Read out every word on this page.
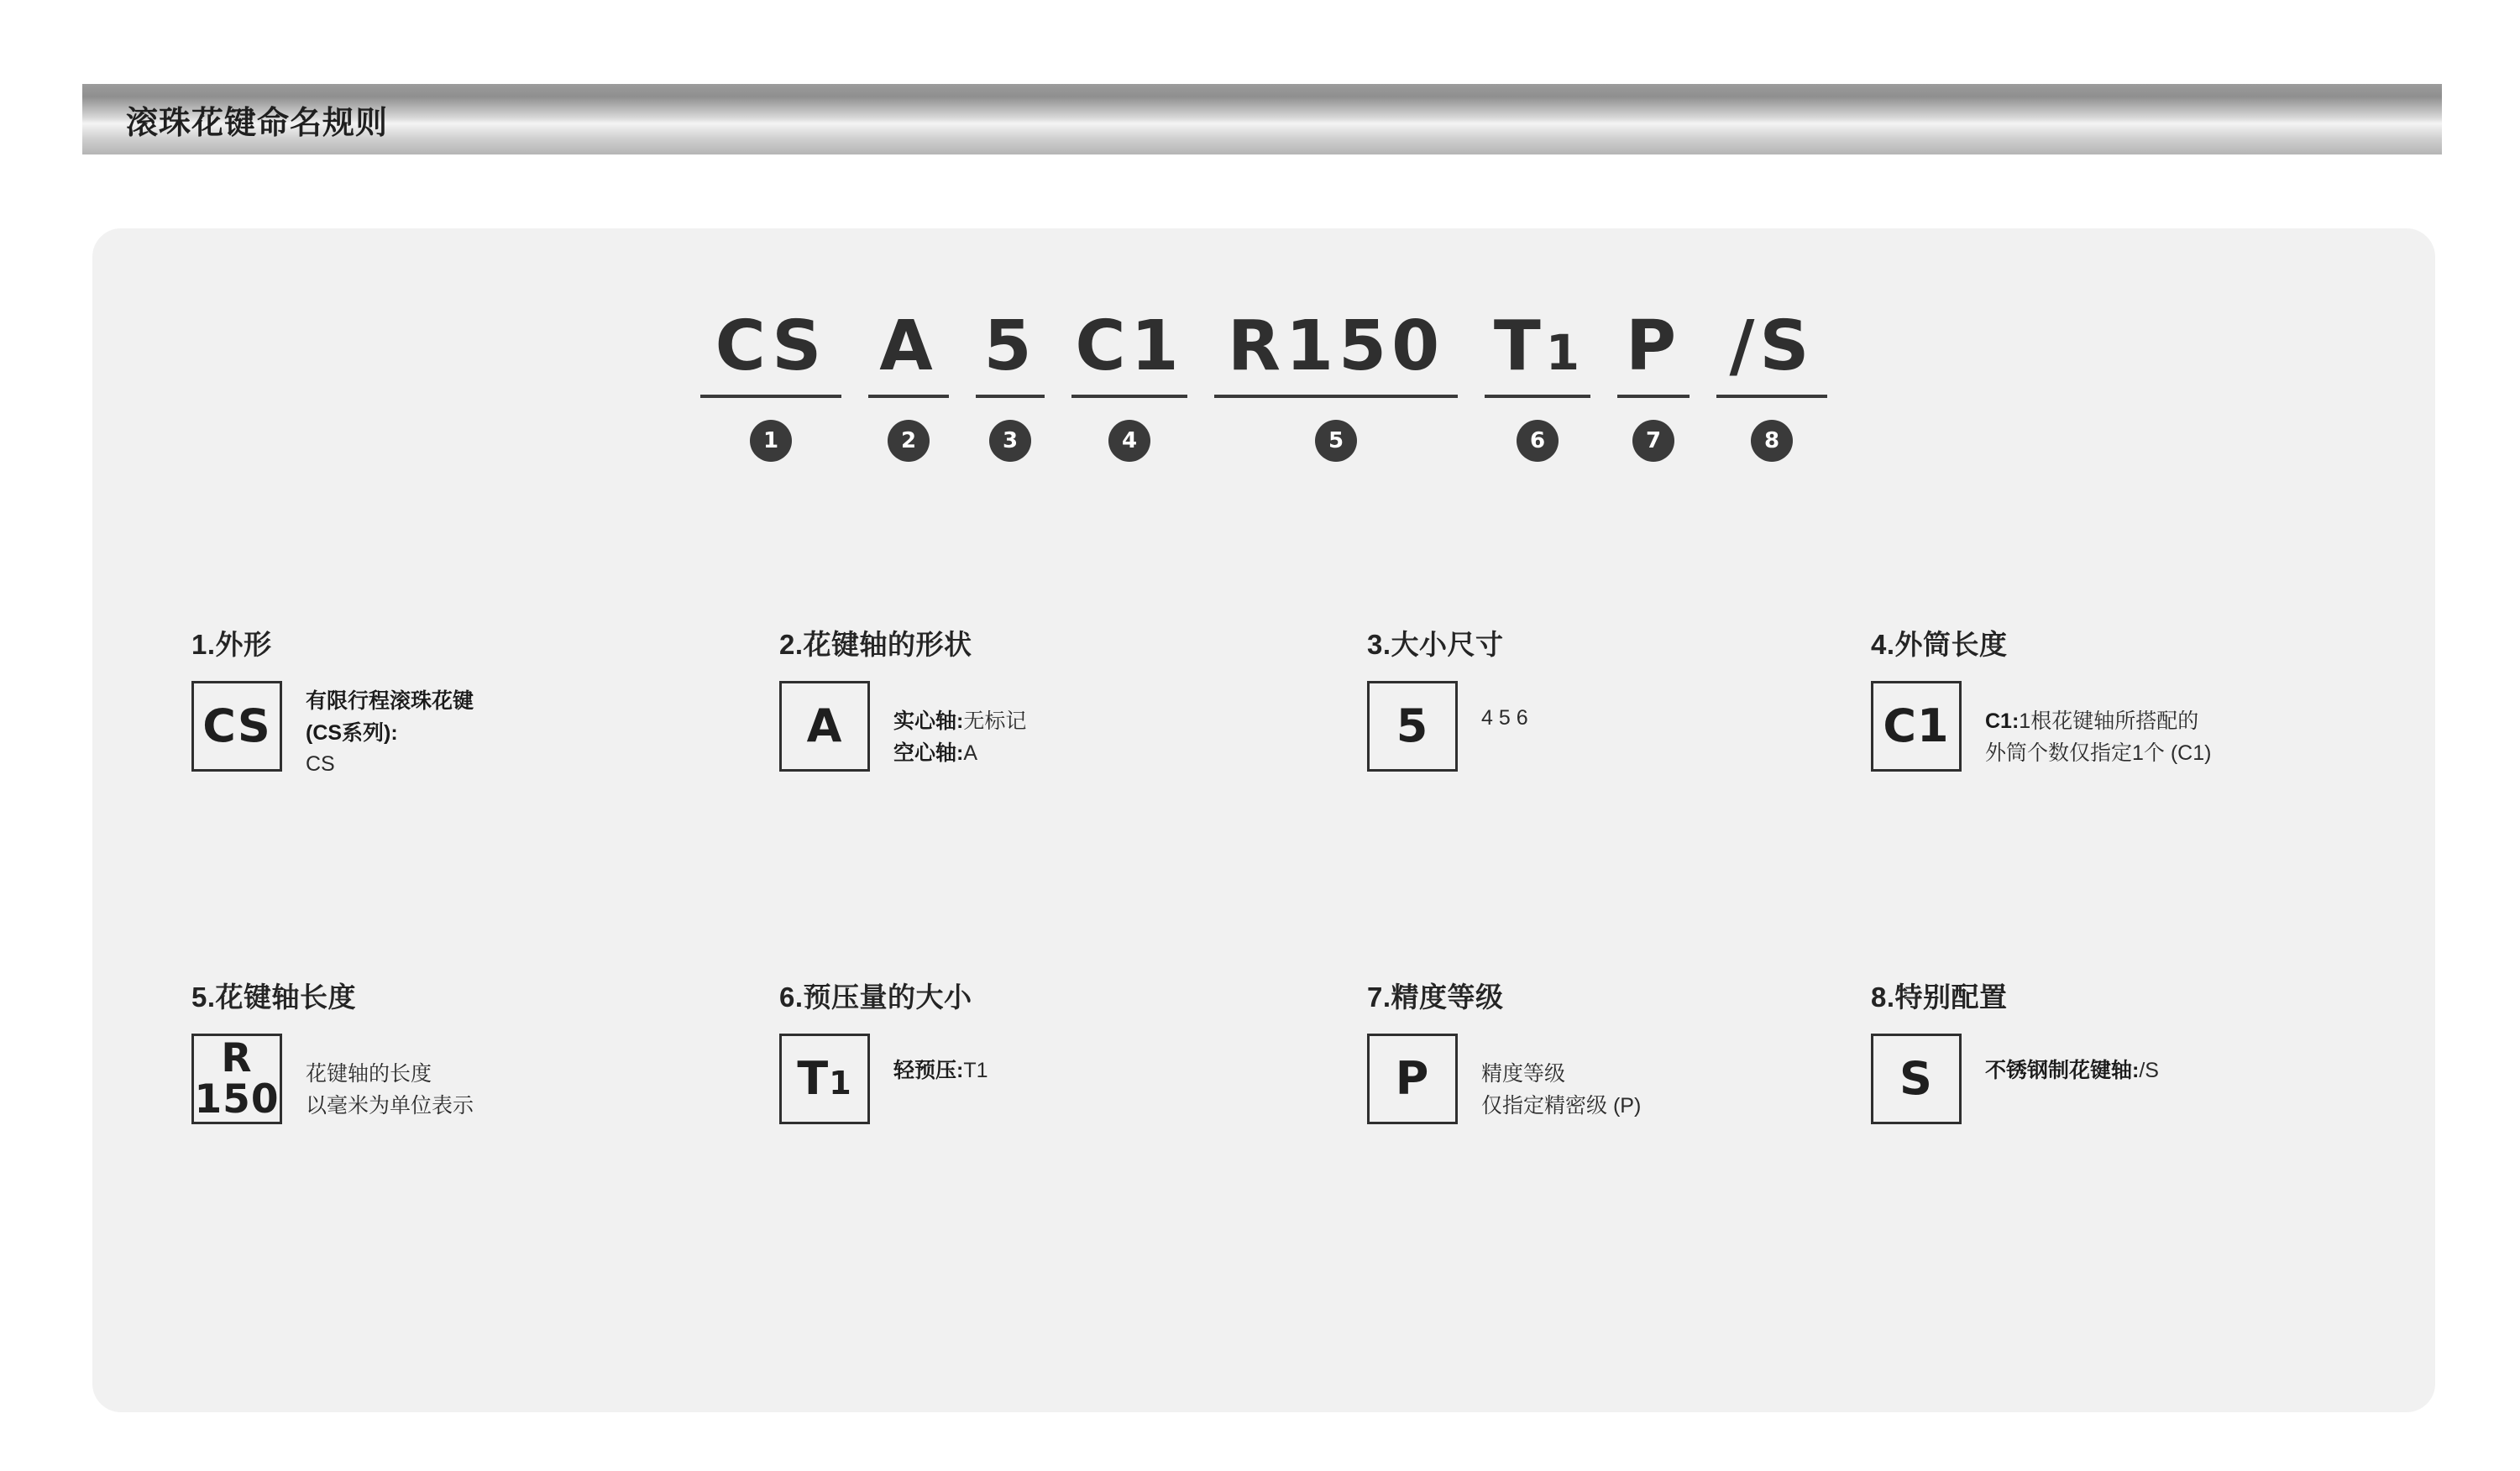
滚珠花键命名规则
CS
1
A
2
5
3
C1
4
R150
5
T1
6
P
7
/S
8
1.外形
CS 有限行程滚珠花键
(CS系列):
CS
2.花键轴的形状
A 实心轴:无标记
空心轴:A
3.大小尺寸
5	4 5 6
4.外筒长度
C1 C1:1根花键轴所搭配的
外筒个数仅指定1个 (C1)
5.花键轴长度
R
150
花键轴的长度
以毫米为单位表示
6.预压量的大小
T1 轻预压:T1
7.精度等级
P 精度等级
仅指定精密级 (P)
8.特别配置
S 不锈钢制花键轴:/S
